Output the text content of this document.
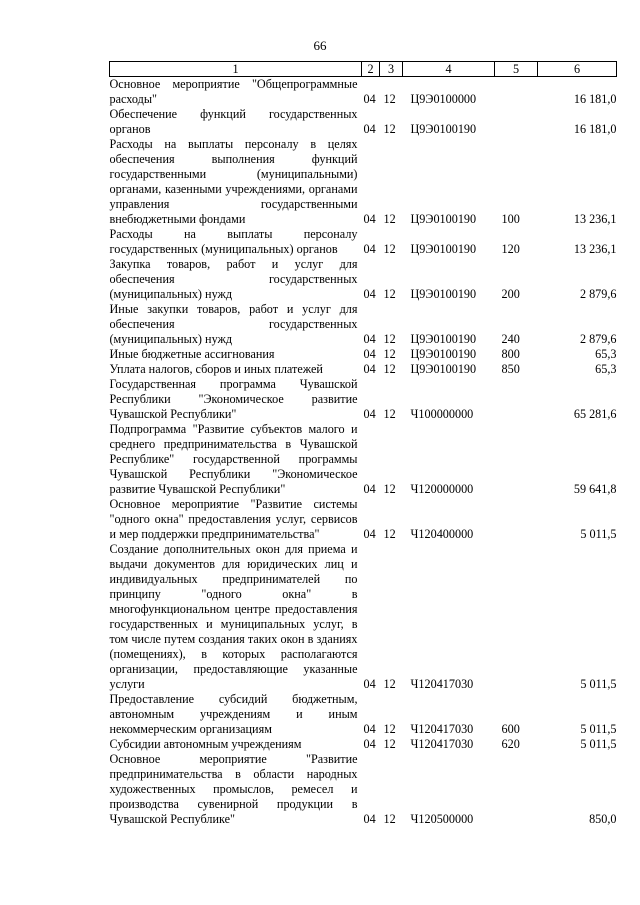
66
1	2	3	4	5	6
Основное мероприятие "Общепрограммные расходы"	04	12	Ц9Э0100000		16 181,0
Обеспечение функций государственных органов	04	12	Ц9Э0100190		16 181,0
Расходы на выплаты персоналу в целях обеспечения выполнения функций государственными (муниципальными) органами, казенными учреждениями, органами управления государственными внебюджетными фондами	04	12	Ц9Э0100190	100	13 236,1
Расходы на выплаты персоналу государственных (муниципальных) органов	04	12	Ц9Э0100190	120	13 236,1
Закупка товаров, работ и услуг для обеспечения государственных (муниципальных) нужд	04	12	Ц9Э0100190	200	2 879,6
Иные закупки товаров, работ и услуг для обеспечения государственных (муниципальных) нужд	04	12	Ц9Э0100190	240	2 879,6
Иные бюджетные ассигнования	04	12	Ц9Э0100190	800	65,3
Уплата налогов, сборов и иных платежей	04	12	Ц9Э0100190	850	65,3
Государственная программа Чувашской Республики "Экономическое развитие Чувашской Республики"	04	12	Ч100000000		65 281,6
Подпрограмма "Развитие субъектов малого и среднего предпринимательства в Чувашской Республике" государственной программы Чувашской Республики "Экономическое развитие Чувашской Республики"	04	12	Ч120000000		59 641,8
Основное мероприятие "Развитие системы "одного окна" предоставления услуг, сервисов и мер поддержки предпринимательства"	04	12	Ч120400000		5 011,5
Создание дополнительных окон для приема и выдачи документов для юридических лиц и индивидуальных предпринимателей по принципу "одного окна" в многофункциональном центре предоставления государственных и муниципальных услуг, в том числе путем создания таких окон в зданиях (помещениях), в которых располагаются организации, предоставляющие указанные услуги	04	12	Ч120417030		5 011,5
Предоставление субсидий бюджетным, автономным учреждениям и иным некоммерческим организациям	04	12	Ч120417030	600	5 011,5
Субсидии автономным учреждениям	04	12	Ч120417030	620	5 011,5
Основное мероприятие "Развитие предпринимательства в области народных художественных промыслов, ремесел и производства сувенирной продукции в Чувашской Республике"	04	12	Ч120500000		850,0
